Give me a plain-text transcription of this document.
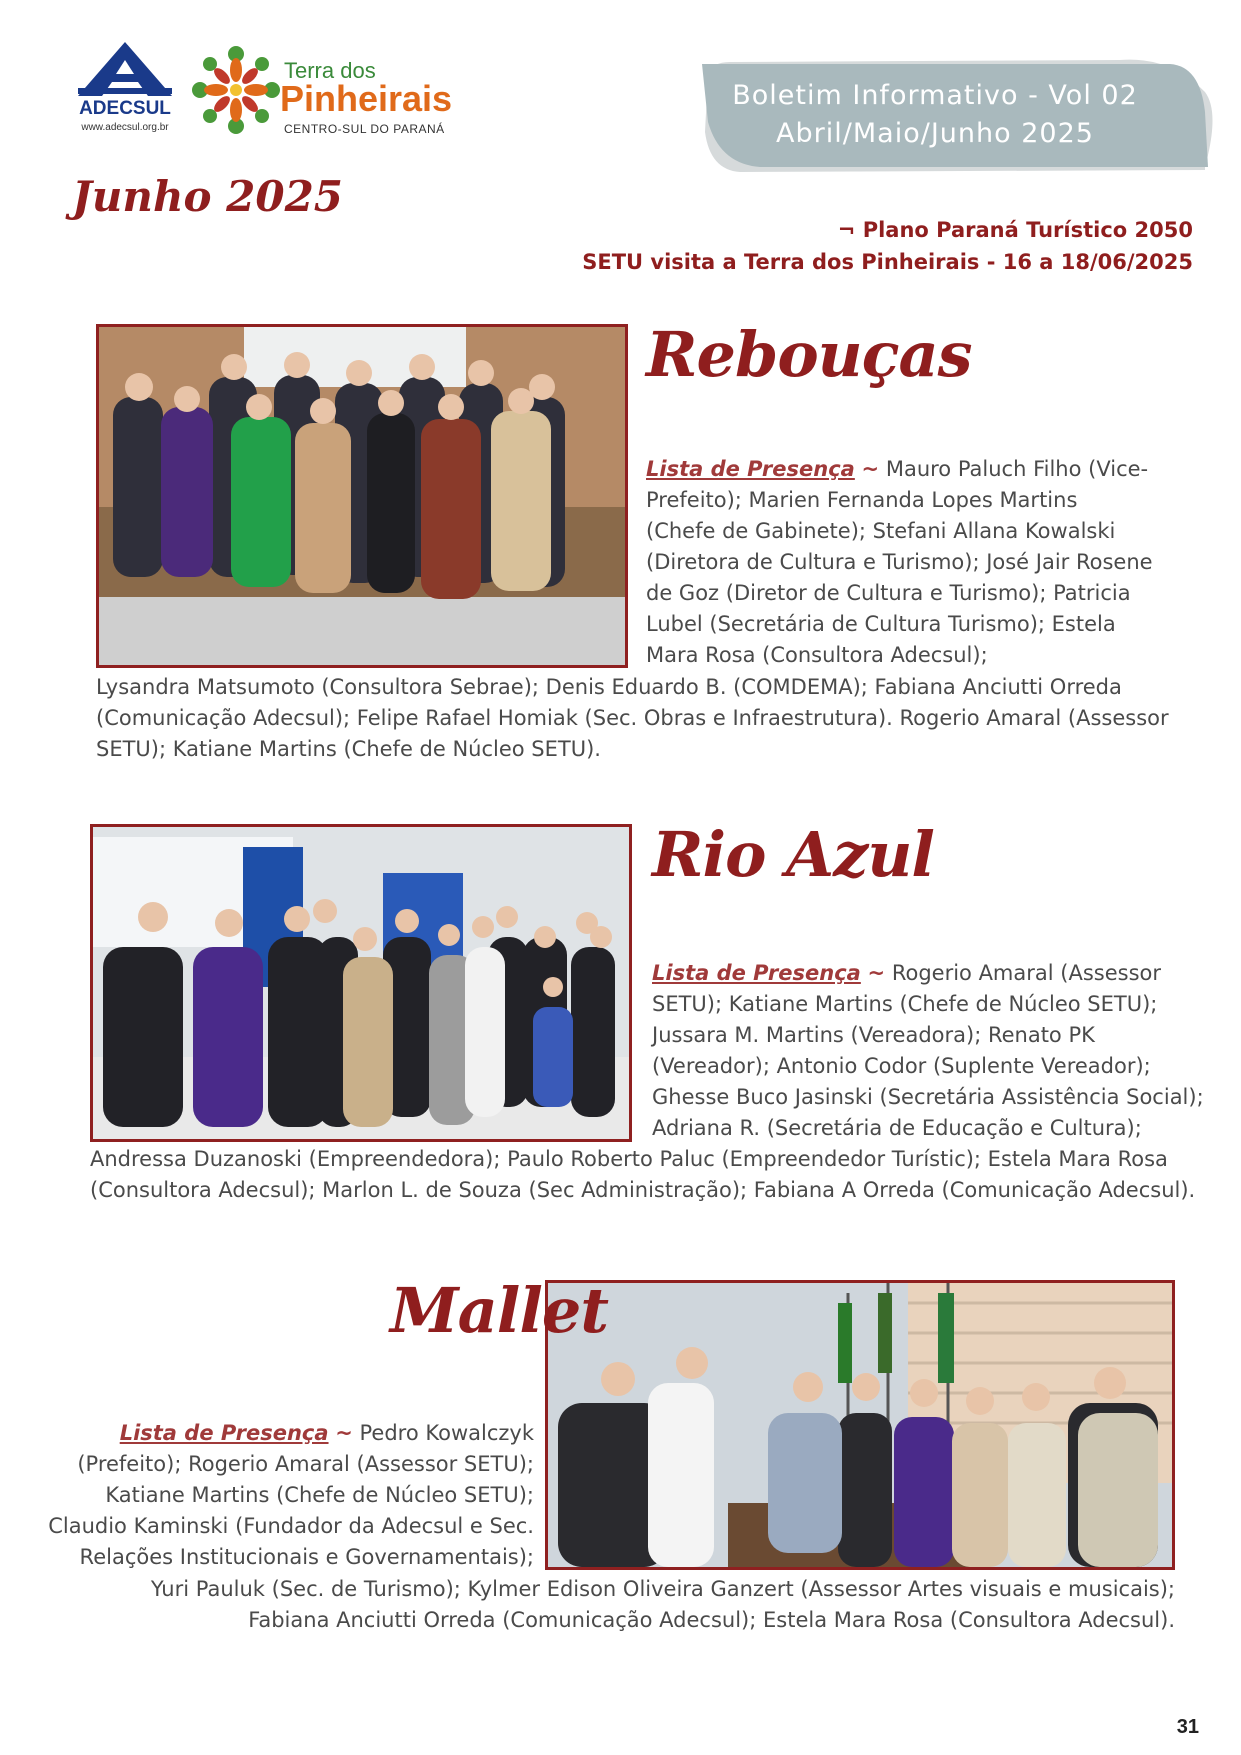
ADECSUL
www.adecsul.org.br
Terra dos
Pinheirais
CENTRO-SUL DO PARANÁ
Boletim Informativo - Vol 02
Abril/Maio/Junho 2025
Junho 2025
¬ Plano Paraná Turístico 2050
SETU visita a Terra dos Pinheirais - 16 a 18/06/2025
Rebouças
Lista de Presença ~ Mauro Paluch Filho (Vice-
Prefeito); Marien Fernanda Lopes Martins
(Chefe de Gabinete); Stefani Allana Kowalski
(Diretora de Cultura e Turismo); José Jair Rosene
de Goz (Diretor de Cultura e Turismo); Patricia
Lubel (Secretária de Cultura Turismo); Estela
Mara Rosa (Consultora Adecsul);
Lysandra Matsumoto (Consultora Sebrae); Denis Eduardo B. (COMDEMA); Fabiana Anciutti Orreda
(Comunicação Adecsul); Felipe Rafael Homiak (Sec. Obras e Infraestrutura). Rogerio Amaral (Assessor
SETU); Katiane Martins (Chefe de Núcleo SETU).
Rio Azul
Lista de Presença ~ Rogerio Amaral (Assessor
SETU); Katiane Martins (Chefe de Núcleo SETU);
Jussara M. Martins (Vereadora); Renato PK
(Vereador); Antonio Codor (Suplente Vereador);
Ghesse Buco Jasinski (Secretária Assistência Social);
Adriana R. (Secretária de Educação e Cultura);
Andressa Duzanoski (Empreendedora); Paulo Roberto Paluc (Empreendedor Turístic); Estela Mara Rosa
(Consultora Adecsul); Marlon L. de Souza (Sec Administração); Fabiana A Orreda (Comunicação Adecsul).
Mallet
Lista de Presença ~ Pedro Kowalczyk
(Prefeito); Rogerio Amaral (Assessor SETU);
Katiane Martins (Chefe de Núcleo SETU);
Claudio Kaminski (Fundador da Adecsul e Sec.
Relações Institucionais e Governamentais);
Yuri Pauluk (Sec. de Turismo); Kylmer Edison Oliveira Ganzert (Assessor Artes visuais e musicais);
Fabiana Anciutti Orreda (Comunicação Adecsul); Estela Mara Rosa (Consultora Adecsul).
31
